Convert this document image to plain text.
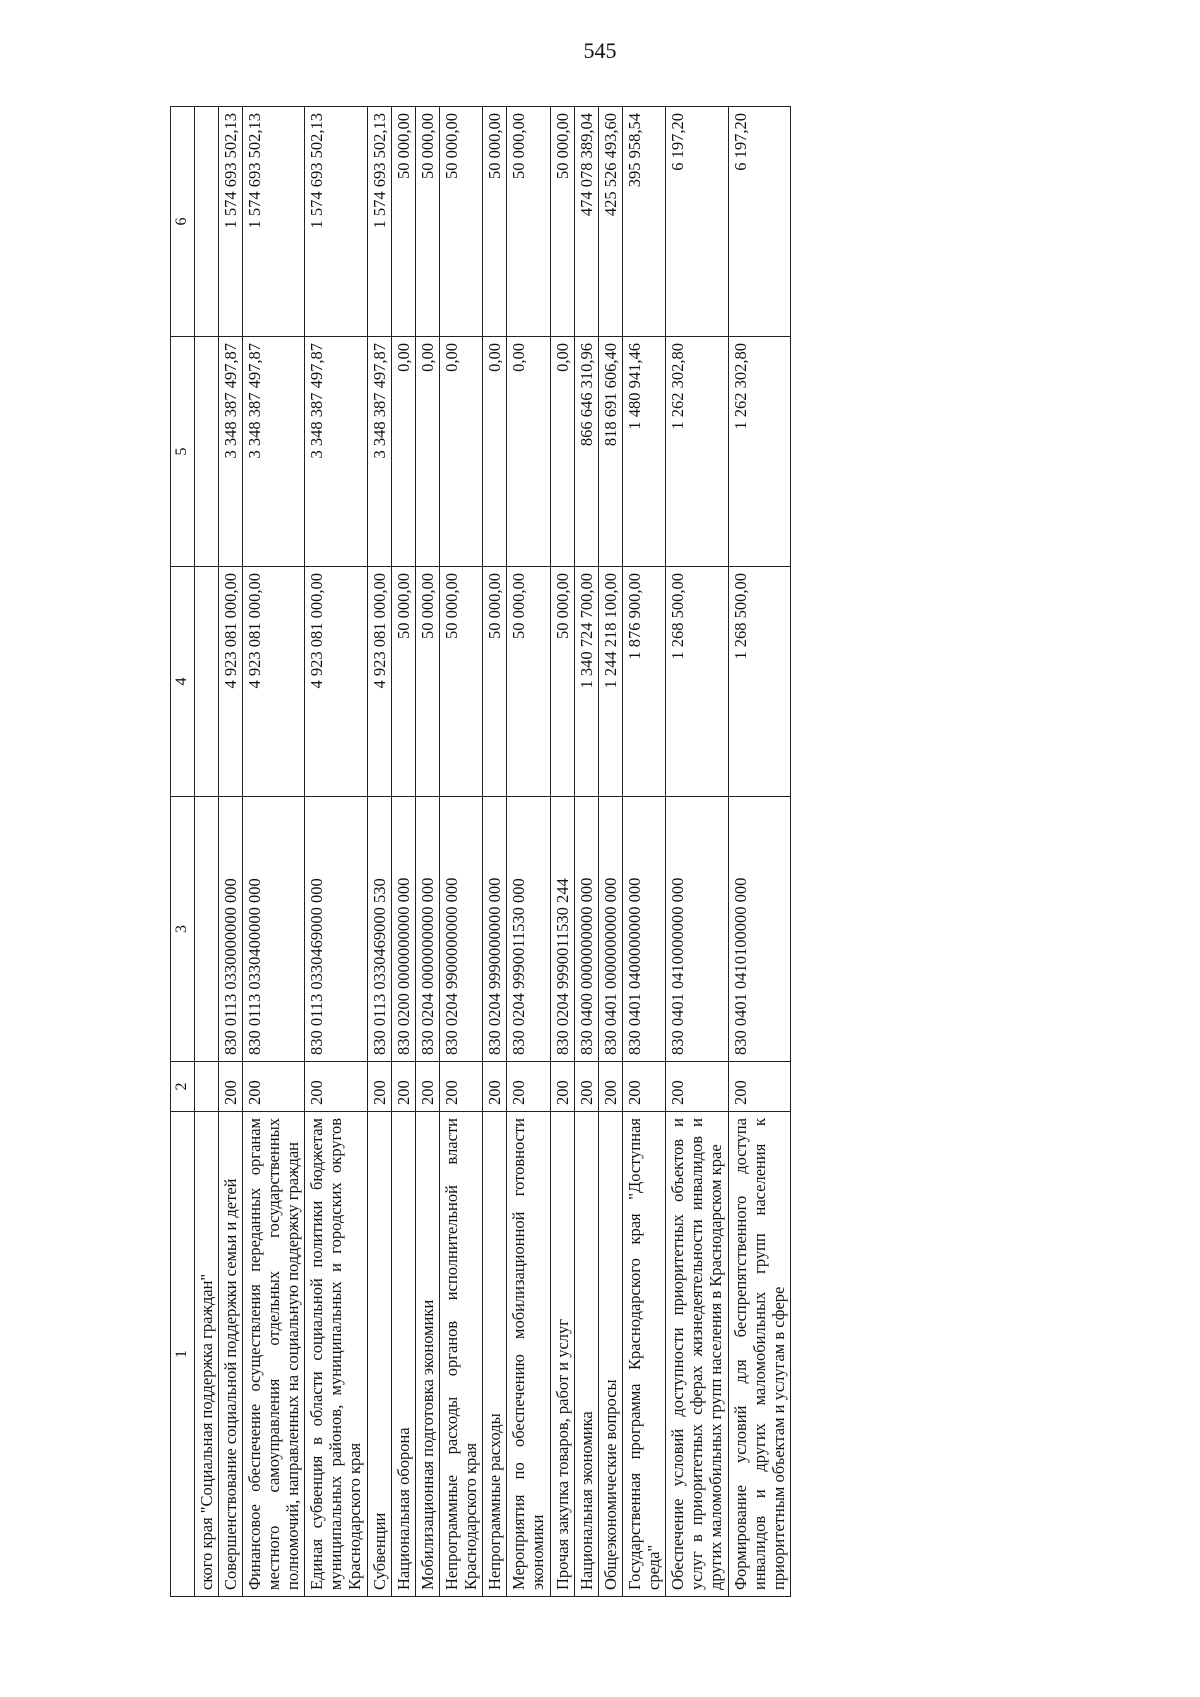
545
1	2	3	4	5	6
ского края "Социальная поддержка граждан"					
Совершенствование социальной поддержки семьи и детей	200	830 0113 0330000000 000	4 923 081 000,00	3 348 387 497,87	1 574 693 502,13
Финансовое обеспечение осуществления переданных органам местного самоуправления отдельных государственных полномочий, направленных на социальную поддержку граждан	200	830 0113 0330400000 000	4 923 081 000,00	3 348 387 497,87	1 574 693 502,13
Единая субвенция в области социальной политики бюджетам муниципальных районов, муниципальных и городских округов Краснодарского края	200	830 0113 0330469000 000	4 923 081 000,00	3 348 387 497,87	1 574 693 502,13
Субвенции	200	830 0113 0330469000 530	4 923 081 000,00	3 348 387 497,87	1 574 693 502,13
Национальная оборона	200	830 0200 0000000000 000	50 000,00	0,00	50 000,00
Мобилизационная подготовка экономики	200	830 0204 0000000000 000	50 000,00	0,00	50 000,00
Непрограммные расходы органов исполнительной власти Краснодарского края	200	830 0204 9900000000 000	50 000,00	0,00	50 000,00
Непрограммные расходы	200	830 0204 9990000000 000	50 000,00	0,00	50 000,00
Мероприятия по обеспечению мобилизационной готовности экономики	200	830 0204 9990011530 000	50 000,00	0,00	50 000,00
Прочая закупка товаров, работ и услуг	200	830 0204 9990011530 244	50 000,00	0,00	50 000,00
Национальная экономика	200	830 0400 0000000000 000	1 340 724 700,00	866 646 310,96	474 078 389,04
Общеэкономические вопросы	200	830 0401 0000000000 000	1 244 218 100,00	818 691 606,40	425 526 493,60
Государственная программа Краснодарского края "Доступная среда"	200	830 0401 0400000000 000	1 876 900,00	1 480 941,46	395 958,54
Обеспечение условий доступности приоритетных объектов и услуг в приоритетных сферах жизнедеятельности инвалидов и других маломобильных групп населения в Краснодарском крае	200	830 0401 0410000000 000	1 268 500,00	1 262 302,80	6 197,20
Формирование условий для беспрепятственного доступа инвалидов и других маломобильных групп населения к приоритетным объектам и услугам в сфере	200	830 0401 0410100000 000	1 268 500,00	1 262 302,80	6 197,20
